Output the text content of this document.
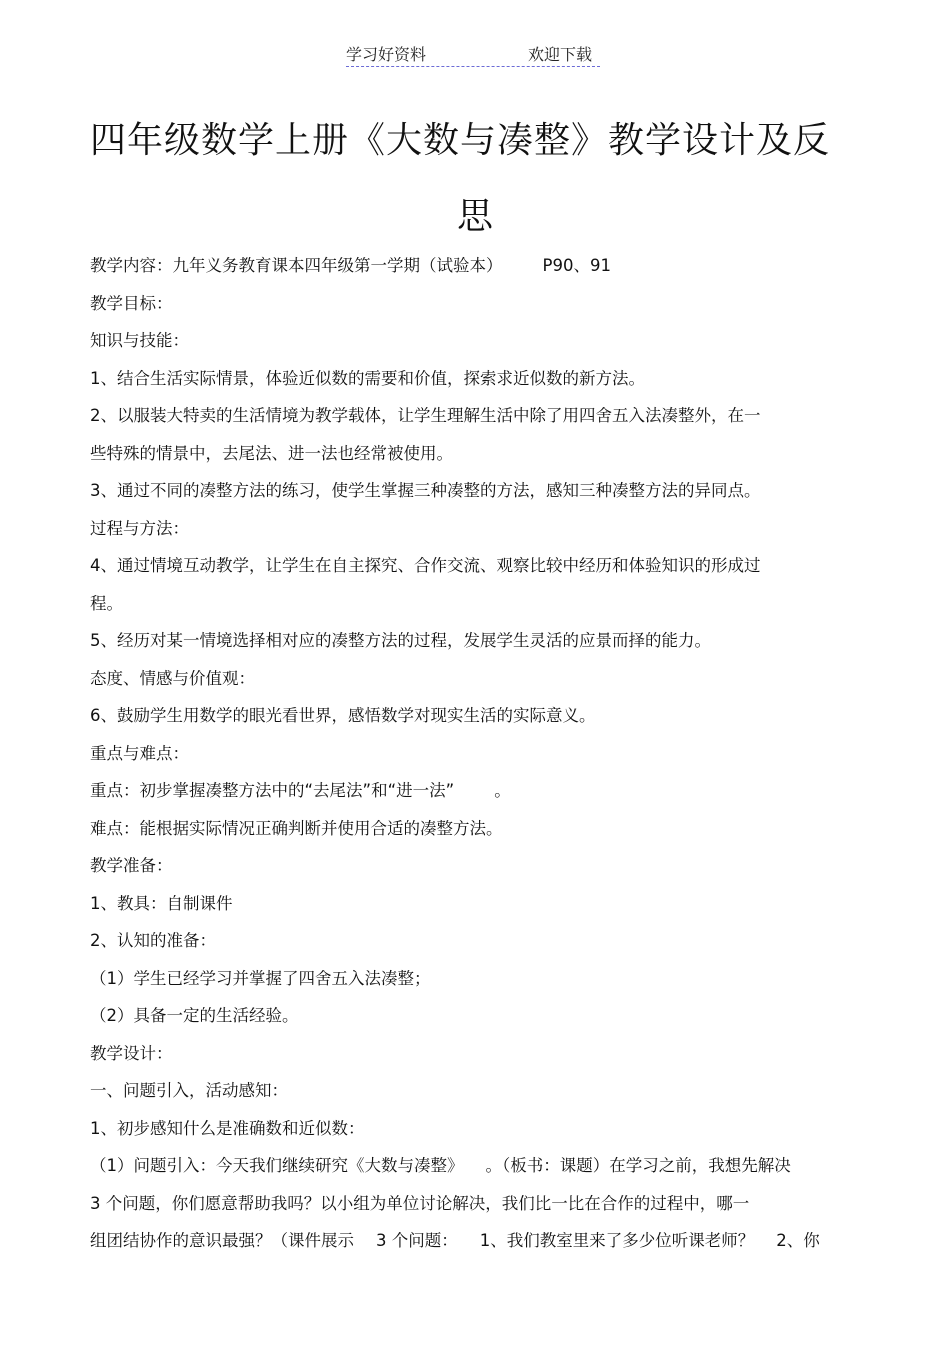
学习好资料	欢迎下载
四年级数学上册《大数与凑整》教学设计及反
思

教学内容：九年义务教育课本四年级第一学期（试验本） P90、91

教学目标：

知识与技能：

1、结合生活实际情景，体验近似数的需要和价值，探索求近似数的新方法。

2、以服装大特卖的生活情境为教学载体，让学生理解生活中除了用四舍五入法凑整外，在一

些特殊的情景中，去尾法、进一法也经常被使用。

3、通过不同的凑整方法的练习，使学生掌握三种凑整的方法，感知三种凑整方法的异同点。

过程与方法：

4、通过情境互动教学，让学生在自主探究、合作交流、观察比较中经历和体验知识的形成过

程。

5、经历对某一情境选择相对应的凑整方法的过程，发展学生灵活的应景而择的能力。

态度、情感与价值观：

6、鼓励学生用数学的眼光看世界，感悟数学对现实生活的实际意义。

重点与难点：

重点：初步掌握凑整方法中的“去尾法”和“进一法” 。

难点：能根据实际情况正确判断并使用合适的凑整方法。

教学准备：

1、教具：自制课件

2、认知的准备：

（1）学生已经学习并掌握了四舍五入法凑整；

（2）具备一定的生活经验。

教学设计：

一、问题引入，活动感知：

1、初步感知什么是准确数和近似数：

（1）问题引入：今天我们继续研究《大数与凑整》 。（板书：课题）在学习之前，我想先解决

3 个问题，你们愿意帮助我吗？以小组为单位讨论解决，我们比一比在合作的过程中，哪一

组团结协作的意识最强？（课件展示 3 个问题： 1、我们教室里来了多少位听课老师？ 2、你
